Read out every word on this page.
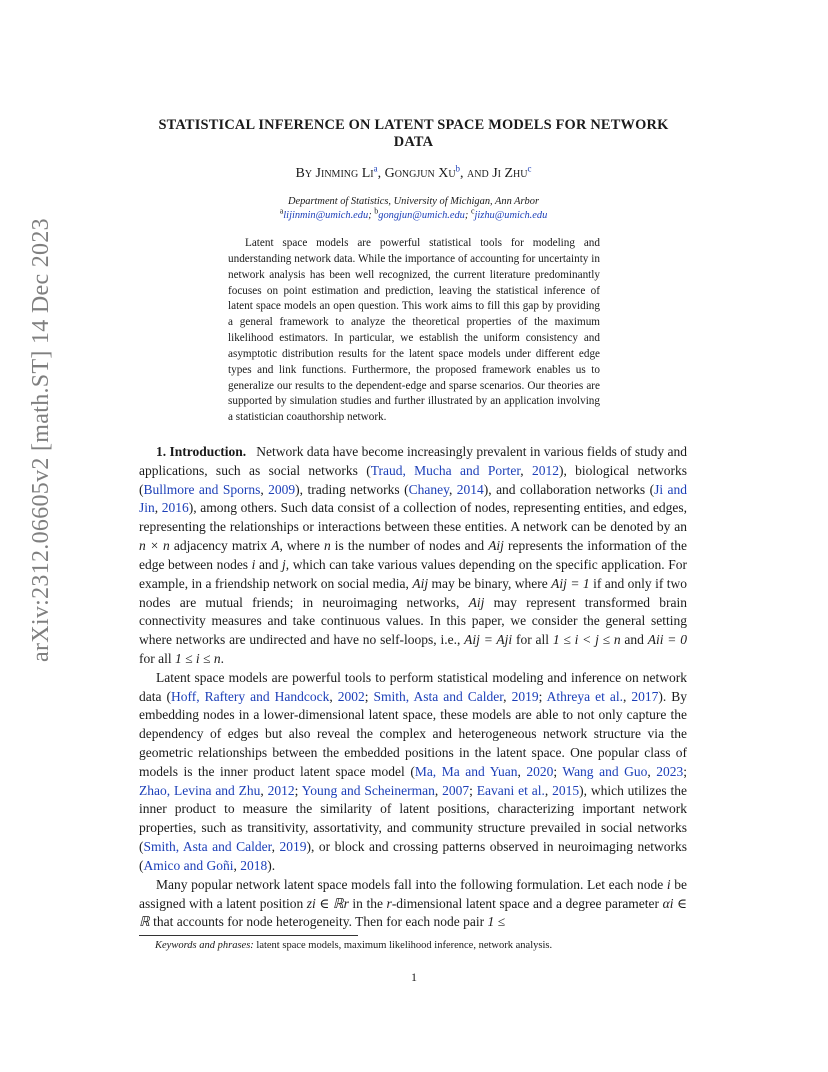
arXiv:2312.06605v2 [math.ST] 14 Dec 2023
STATISTICAL INFERENCE ON LATENT SPACE MODELS FOR NETWORK
DATA
By Jinming Li$^a$, Gongjun Xu$^b$, and Ji Zhu$^c$
Department of Statistics, University of Michigan, Ann Arbor
$^a$lijinmin@umich.edu; $^b$gongjun@umich.edu; $^c$jizhu@umich.edu
Latent space models are powerful statistical tools for modeling and understanding network data. While the importance of accounting for uncertainty in network analysis has been well recognized, the current literature predominantly focuses on point estimation and prediction, leaving the statistical inference of latent space models an open question. This work aims to fill this gap by providing a general framework to analyze the theoretical properties of the maximum likelihood estimators. In particular, we establish the uniform consistency and asymptotic distribution results for the latent space models under different edge types and link functions. Furthermore, the proposed framework enables us to generalize our results to the dependent-edge and sparse scenarios. Our theories are supported by simulation studies and further illustrated by an application involving a statistician coauthorship network.

1. Introduction. Network data have become increasingly prevalent in various fields of study and applications, such as social networks (Traud, Mucha and Porter, 2012), biological networks (Bullmore and Sporns, 2009), trading networks (Chaney, 2014), and collaboration networks (Ji and Jin, 2016), among others. Such data consist of a collection of nodes, representing entities, and edges, representing the relationships or interactions between these entities. A network can be denoted by an n × n adjacency matrix A, where n is the number of nodes and Aij represents the information of the edge between nodes i and j, which can take various values depending on the specific application. For example, in a friendship network on social media, Aij may be binary, where Aij = 1 if and only if two nodes are mutual friends; in neuroimaging networks, Aij may represent transformed brain connectivity measures and take continuous values. In this paper, we consider the general setting where networks are undirected and have no self-loops, i.e., Aij = Aji for all 1 ≤ i < j ≤ n and Aii = 0 for all 1 ≤ i ≤ n.

Latent space models are powerful tools to perform statistical modeling and inference on network data (Hoff, Raftery and Handcock, 2002; Smith, Asta and Calder, 2019; Athreya et al., 2017). By embedding nodes in a lower-dimensional latent space, these models are able to not only capture the dependency of edges but also reveal the complex and heterogeneous network structure via the geometric relationships between the embedded positions in the latent space. One popular class of models is the inner product latent space model (Ma, Ma and Yuan, 2020; Wang and Guo, 2023; Zhao, Levina and Zhu, 2012; Young and Scheinerman, 2007; Eavani et al., 2015), which utilizes the inner product to measure the similarity of latent positions, characterizing important network properties, such as transitivity, assortativity, and community structure prevailed in social networks (Smith, Asta and Calder, 2019), or block and crossing patterns observed in neuroimaging networks (Amico and Goñi, 2018).

Many popular network latent space models fall into the following formulation. Let each node i be assigned with a latent position zi ∈ ℝr in the r-dimensional latent space and a degree parameter αi ∈ ℝ that accounts for node heterogeneity. Then for each node pair 1 ≤

Keywords and phrases: latent space models, maximum likelihood inference, network analysis.
1
